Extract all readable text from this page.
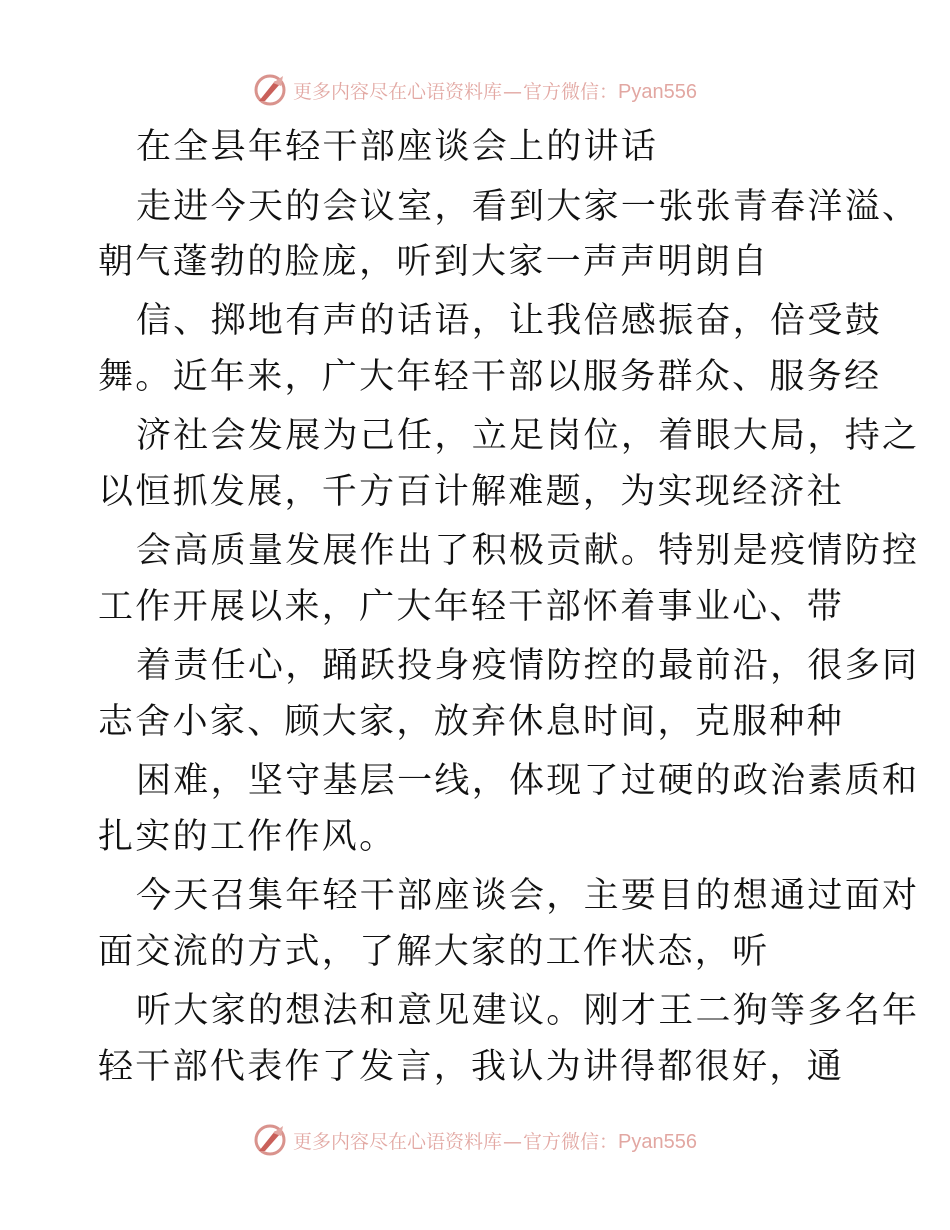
更多内容尽在心语资料库—官方微信：Pyan556
在全县年轻干部座谈会上的讲话
走进今天的会议室，看到大家一张张青春洋溢、
朝气蓬勃的脸庞，听到大家一声声明朗自
信、掷地有声的话语，让我倍感振奋，倍受鼓
舞。近年来，广大年轻干部以服务群众、服务经
济社会发展为己任，立足岗位，着眼大局，持之
以恒抓发展，千方百计解难题，为实现经济社
会高质量发展作出了积极贡献。特别是疫情防控
工作开展以来，广大年轻干部怀着事业心、带
着责任心，踊跃投身疫情防控的最前沿，很多同
志舍小家、顾大家，放弃休息时间，克服种种
困难，坚守基层一线，体现了过硬的政治素质和
扎实的工作作风。
今天召集年轻干部座谈会，主要目的想通过面对
面交流的方式，了解大家的工作状态，听
听大家的想法和意见建议。刚才王二狗等多名年
轻干部代表作了发言，我认为讲得都很好，通
更多内容尽在心语资料库—官方微信：Pyan556
